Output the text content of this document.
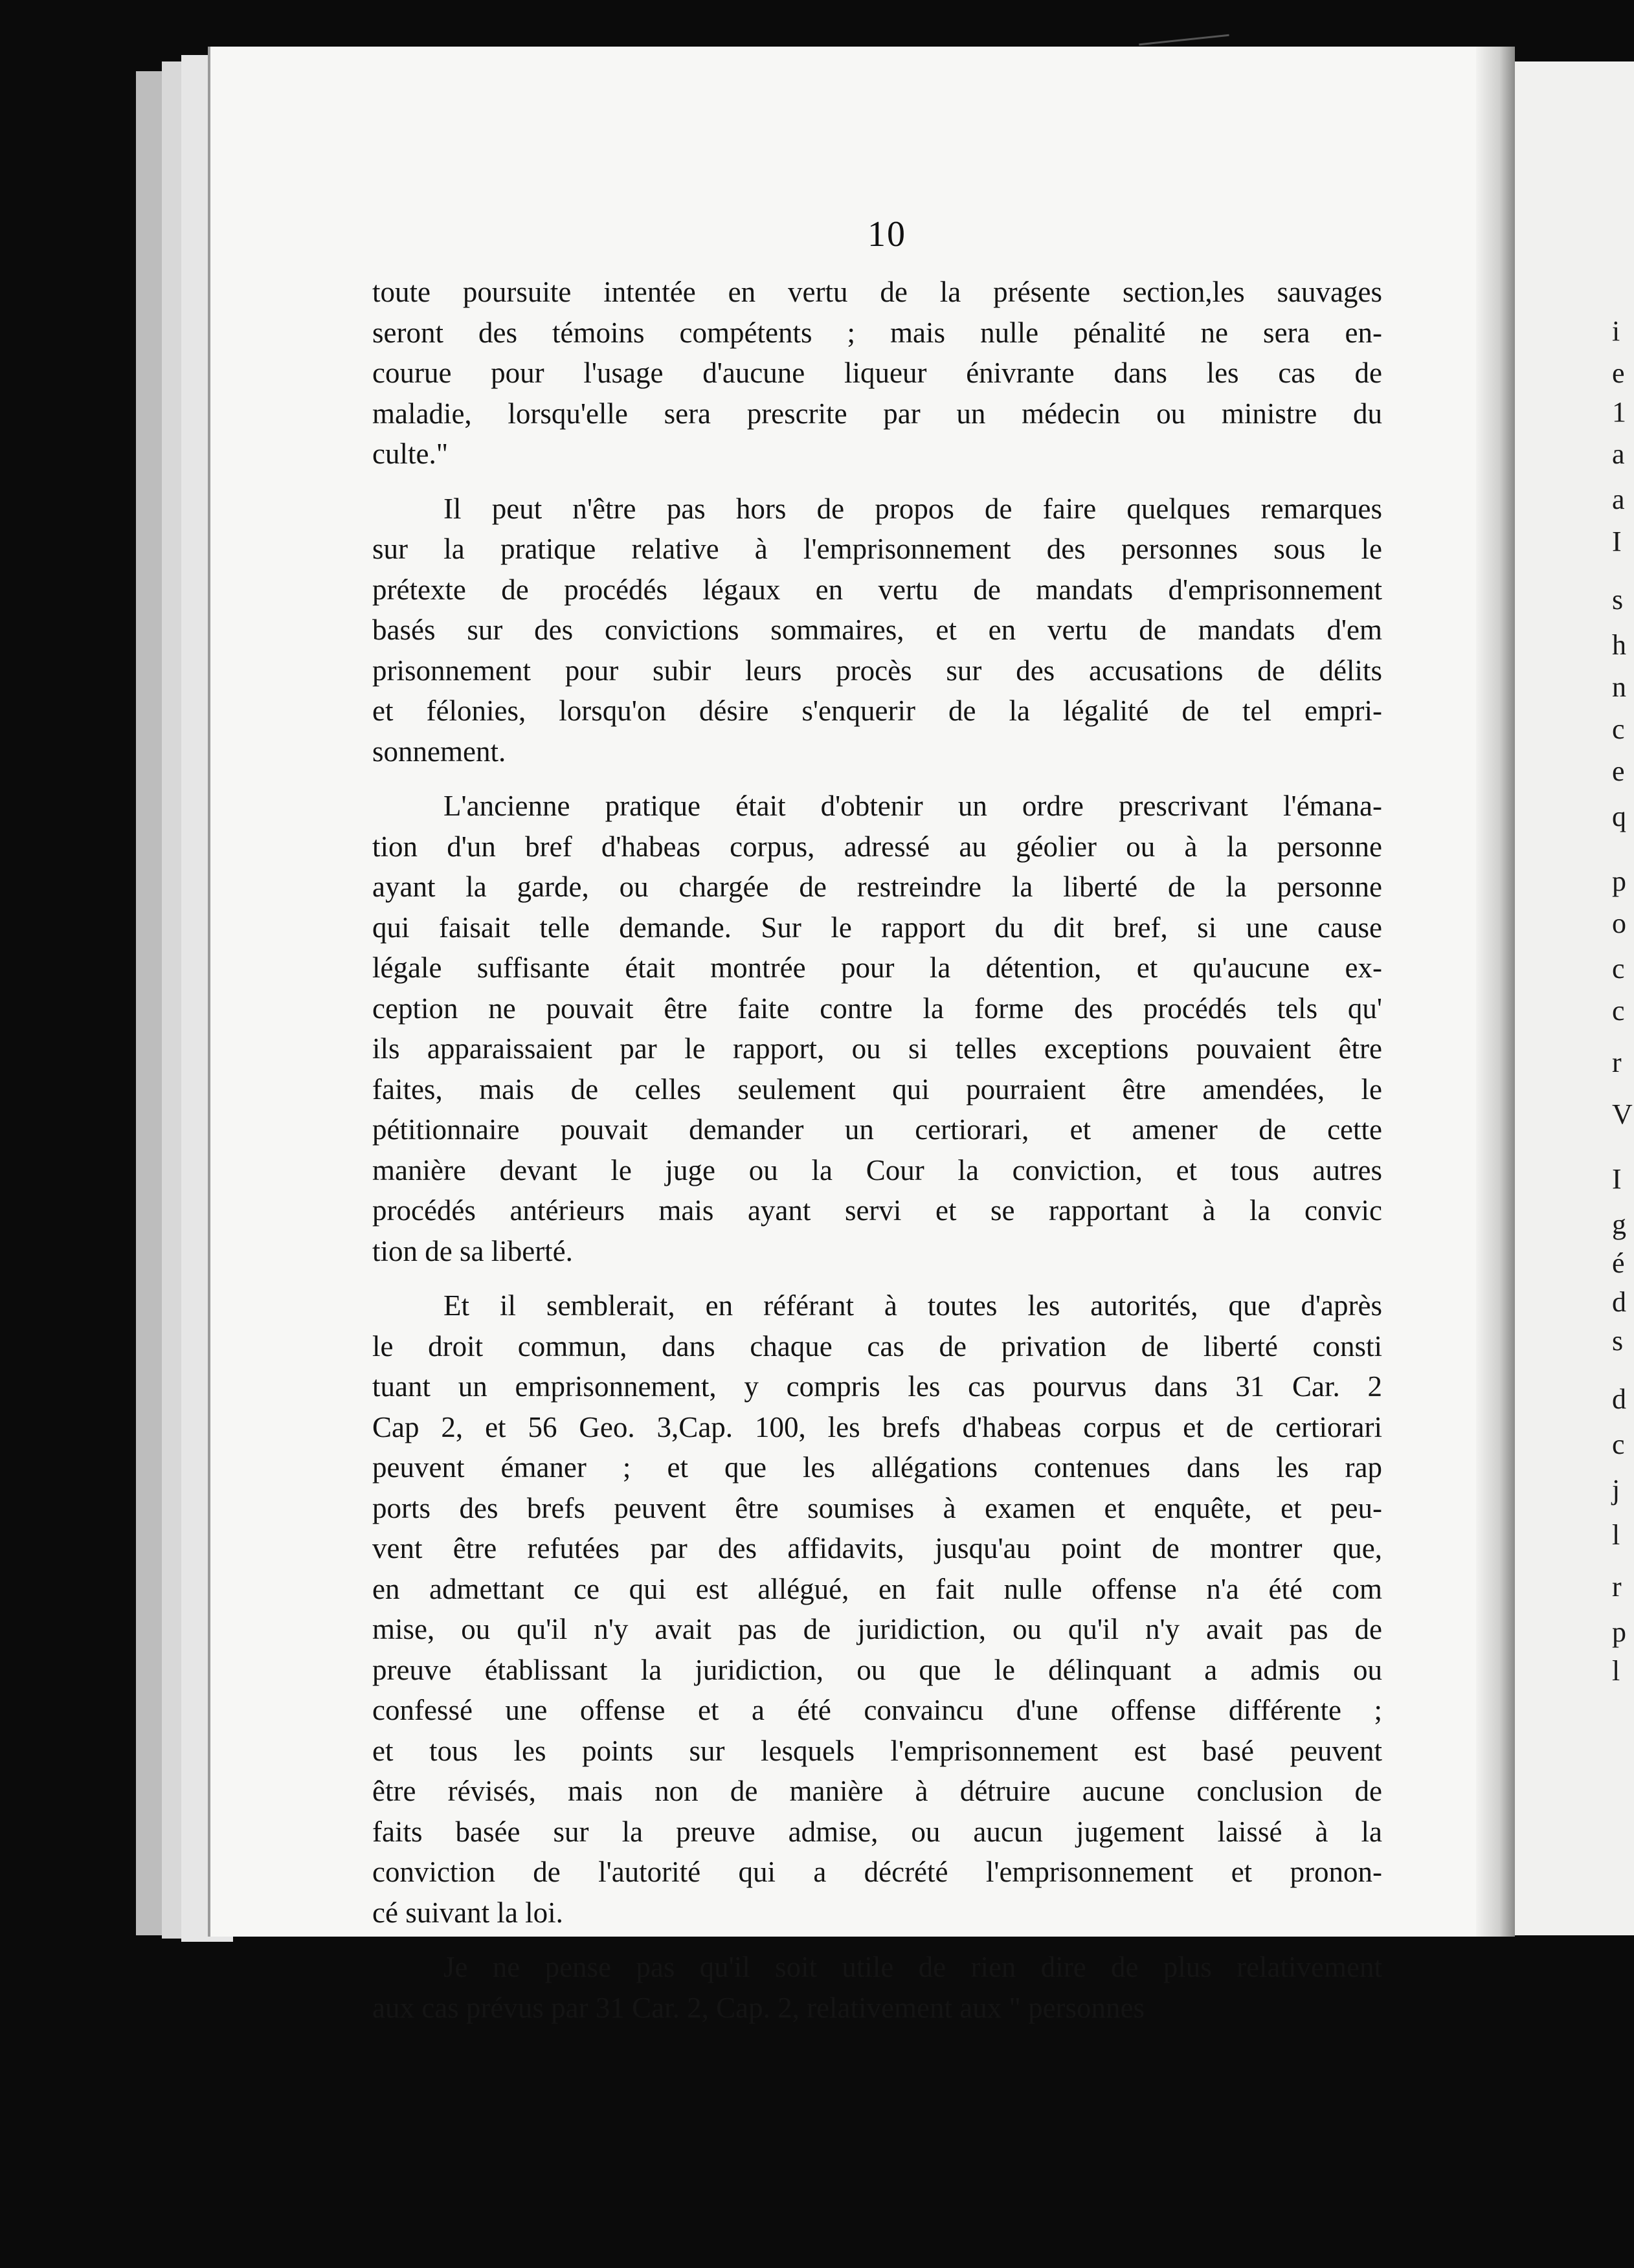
i
e
1
a
a
I
s
h
n
c
e
q
p
o
c
c
r
V
I
g
é
d
s
d
c
j
l
r
p
l
10
toute poursuite intentée en vertu de la présente section,les sauvages
seront des témoins compétents ; mais nulle pénalité ne sera en-
courue pour l'usage d'aucune liqueur énivrante dans les cas de
maladie, lorsqu'elle sera prescrite par un médecin ou ministre du
culte."
Il peut n'être pas hors de propos de faire quelques remarques
sur la pratique relative à l'emprisonnement des personnes sous le
prétexte de procédés légaux en vertu de mandats d'emprisonnement
basés sur des convictions sommaires, et en vertu de mandats d'em
prisonnement pour subir leurs procès sur des accusations de délits
et félonies, lorsqu'on désire s'enquerir de la légalité de tel empri-
sonnement.
L'ancienne pratique était d'obtenir un ordre prescrivant l'émana-
tion d'un bref d'habeas corpus, adressé au géolier ou à la personne
ayant la garde, ou chargée de restreindre la liberté de la personne
qui faisait telle demande. Sur le rapport du dit bref, si une cause
légale suffisante était montrée pour la détention, et qu'aucune ex-
ception ne pouvait être faite contre la forme des procédés tels qu'
ils apparaissaient par le rapport, ou si telles exceptions pouvaient être
faites, mais de celles seulement qui pourraient être amendées, le
pétitionnaire pouvait demander un certiorari, et amener de cette
manière devant le juge ou la Cour la conviction, et tous autres
procédés antérieurs mais ayant servi et se rapportant à la convic
tion de sa liberté.
Et il semblerait, en référant à toutes les autorités, que d'après
le droit commun, dans chaque cas de privation de liberté consti
tuant un emprisonnement, y compris les cas pourvus dans 31 Car. 2
Cap 2, et 56 Geo. 3,Cap. 100, les brefs d'habeas corpus et de certiorari
peuvent émaner ; et que les allégations contenues dans les rap
ports des brefs peuvent être soumises à examen et enquête, et peu-
vent être refutées par des affidavits, jusqu'au point de montrer que,
en admettant ce qui est allégué, en fait nulle offense n'a été com
mise, ou qu'il n'y avait pas de juridiction, ou qu'il n'y avait pas de
preuve établissant la juridiction, ou que le délinquant a admis ou
confessé une offense et a été convaincu d'une offense différente ;
et tous les points sur lesquels l'emprisonnement est basé peuvent
être révisés, mais non de manière à détruire aucune conclusion de
faits basée sur la preuve admise, ou aucun jugement laissé à la
conviction de l'autorité qui a décrété l'emprisonnement et pronon-
cé suivant la loi.
Je ne pense pas qu'il soit utile de rien dire de plus relativement
aux cas prévus par 31 Car. 2, Cap. 2, relativement aux " personnes
